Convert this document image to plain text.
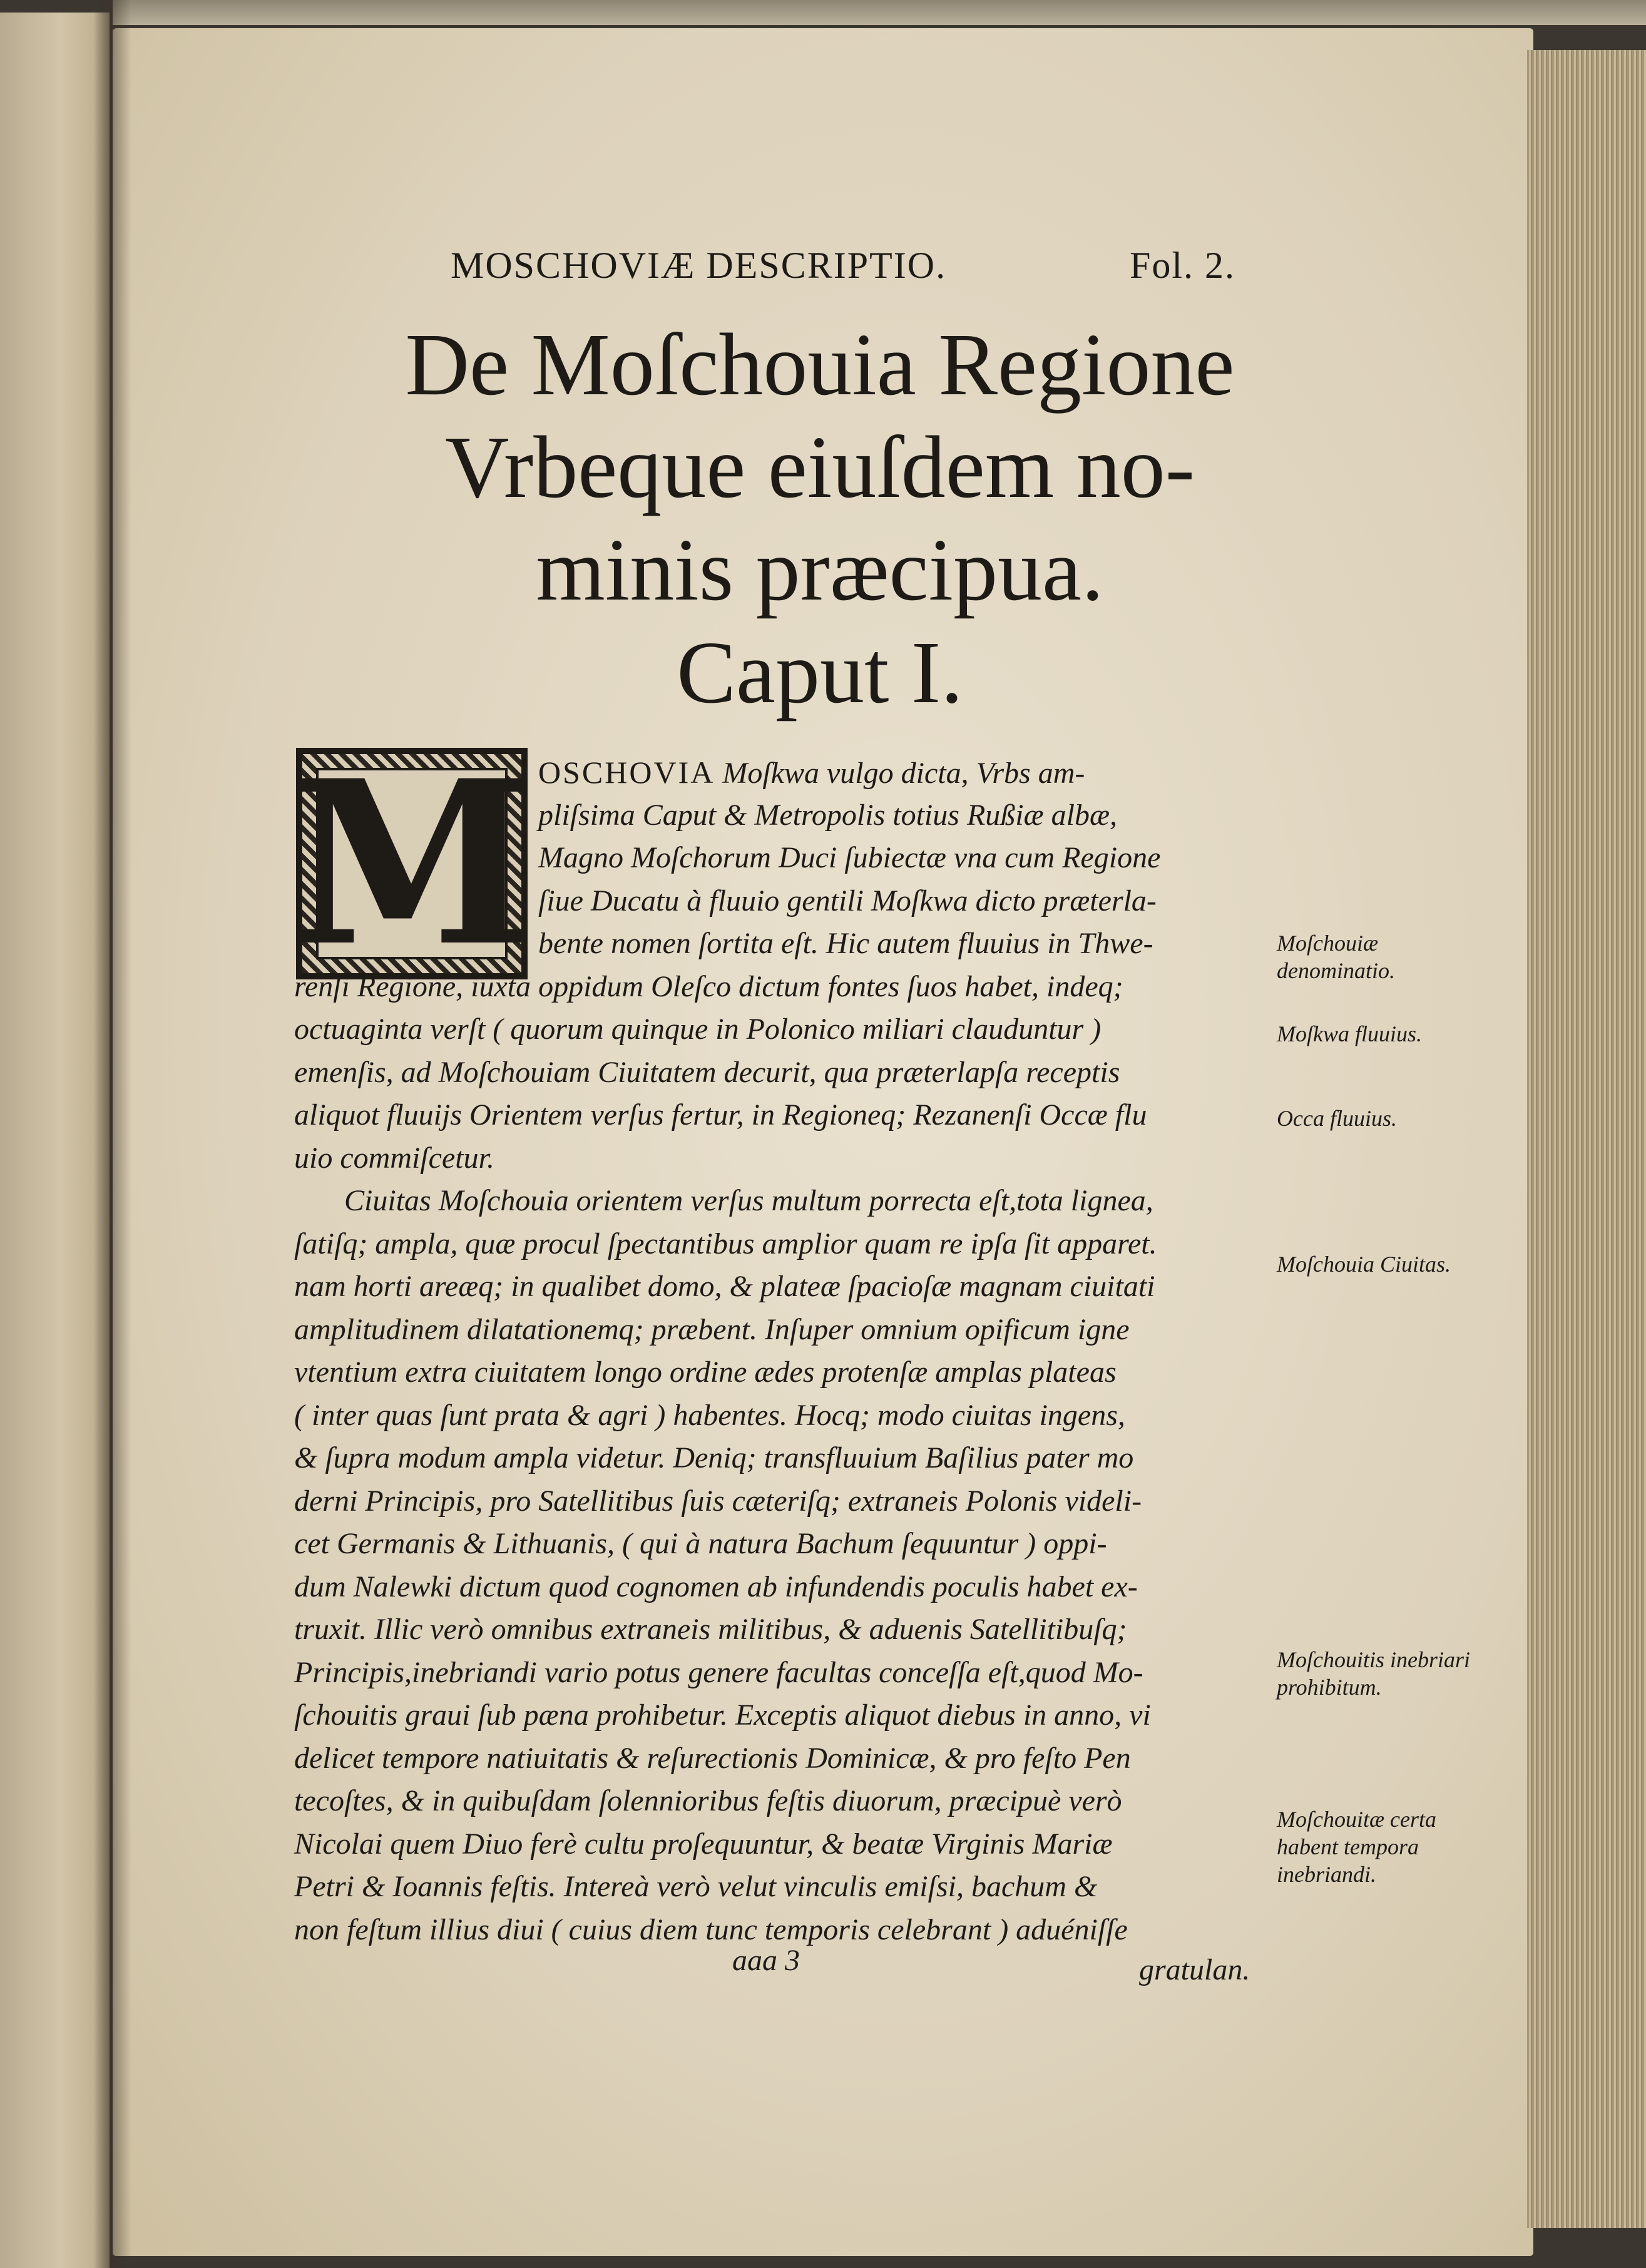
MOSCHOVIÆ DESCRIPTIO.	Fol. 2.
De Moſchouia Regione
Vrbeque eiuſdem no-
minis præcipua.
Caput I.
M OSCHOVIA Moſkwa vulgo dicta, Vrbs am-
pliſsima Caput & Metropolis totius Rußiæ albæ,
Magno Moſchorum Duci ſubiectæ vna cum Regione
ſiue Ducatu à fluuio gentili Moſkwa dicto præterla-
bente nomen ſortita eſt. Hic autem fluuius in Thwe-
renſi Regione, iuxta oppidum Oleſco dictum fontes ſuos habet, indeq;
octuaginta verſt ( quorum quinque in Polonico miliari clauduntur )
emenſis, ad Moſchouiam Ciuitatem decurit, qua præterlapſa receptis
aliquot fluuijs Orientem verſus fertur, in Regioneq; Rezanenſi Occæ flu
uio commiſcetur.
Ciuitas Moſchouia orientem verſus multum porrecta eſt,tota lignea,
ſatiſq; ampla, quæ procul ſpectantibus amplior quam re ipſa ſit apparet.
nam horti areæq; in qualibet domo, & plateæ ſpacioſæ magnam ciuitati
amplitudinem dilatationemq; præbent. Inſuper omnium opificum igne
vtentium extra ciuitatem longo ordine ædes protenſæ amplas plateas
( inter quas ſunt prata & agri ) habentes. Hocq; modo ciuitas ingens,
& ſupra modum ampla videtur. Deniq; transfluuium Baſilius pater mo
derni Principis, pro Satellitibus ſuis cæteriſq; extraneis Polonis videli-
cet Germanis & Lithuanis, ( qui à natura Bachum ſequuntur ) oppi-
dum Nalewki dictum quod cognomen ab infundendis poculis habet ex-
truxit. Illic verò omnibus extraneis militibus, & aduenis Satellitibuſq;
Principis,inebriandi vario potus genere facultas conceſſa eſt,quod Mo-
ſchouitis graui ſub pæna prohibetur. Exceptis aliquot diebus in anno, vi
delicet tempore natiuitatis & reſurectionis Dominicæ, & pro feſto Pen
tecoſtes, & in quibuſdam ſolennioribus feſtis diuorum, præcipuè verò
Nicolai quem Diuo ferè cultu proſequuntur, & beatæ Virginis Mariæ
Petri & Ioannis feſtis. Intereà verò velut vinculis emiſsi, bachum &
non feſtum illius diui ( cuius diem tunc temporis celebrant ) aduéniſſe
Moſchouiæ denominatio.
Moſkwa fluuius.
Occa fluuius.
Moſchouia Ciuitas.
Moſchouitis inebriari prohibitum.
Moſchouitæ certa habent tempora inebriandi.
aaa 3	gratulan.
